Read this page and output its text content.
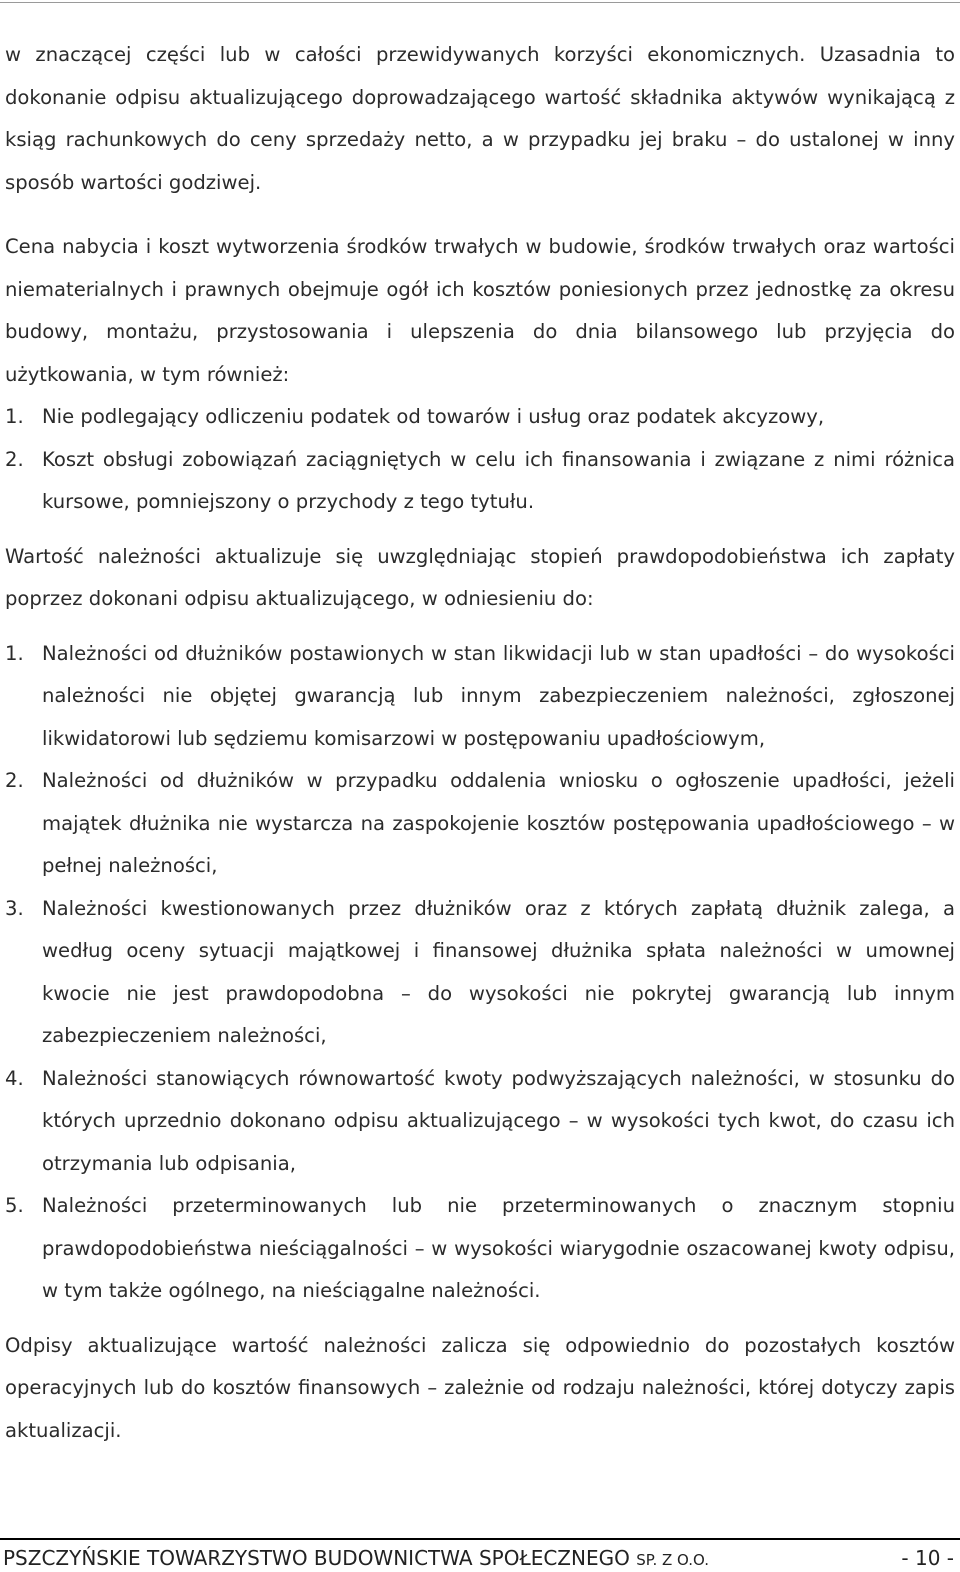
w znaczącej części lub w całości przewidywanych korzyści ekonomicznych. Uzasadnia to dokonanie odpisu aktualizującego doprowadzającego wartość składnika aktywów wynikającą z ksiąg rachunkowych do ceny sprzedaży netto, a w przypadku jej braku – do ustalonej w inny sposób wartości godziwej.

Cena nabycia i koszt wytworzenia środków trwałych w budowie, środków trwałych oraz wartości niematerialnych i prawnych obejmuje ogół ich kosztów poniesionych przez jednostkę za okresu budowy, montażu, przystosowania i ulepszenia do dnia bilansowego lub przyjęcia do użytkowania, w tym również:

1. Nie podlegający odliczeniu podatek od towarów i usług oraz podatek akcyzowy,
2. Koszt obsługi zobowiązań zaciągniętych w celu ich finansowania i związane z nimi różnica kursowe, pomniejszony o przychody z tego tytułu.

Wartość należności aktualizuje się uwzględniając stopień prawdopodobieństwa ich zapłaty poprzez dokonani odpisu aktualizującego, w odniesieniu do:

1. Należności od dłużników postawionych w stan likwidacji lub w stan upadłości – do wysokości należności nie objętej gwarancją lub innym zabezpieczeniem należności, zgłoszonej likwidatorowi lub sędziemu komisarzowi w postępowaniu upadłościowym,
2. Należności od dłużników w przypadku oddalenia wniosku o ogłoszenie upadłości, jeżeli majątek dłużnika nie wystarcza na zaspokojenie kosztów postępowania upadłościowego – w pełnej należności,
3. Należności kwestionowanych przez dłużników oraz z których zapłatą dłużnik zalega, a według oceny sytuacji majątkowej i finansowej dłużnika spłata należności w umownej kwocie nie jest prawdopodobna – do wysokości nie pokrytej gwarancją lub innym zabezpieczeniem należności,
4. Należności stanowiących równowartość kwoty podwyższających należności, w stosunku do których uprzednio dokonano odpisu aktualizującego – w wysokości tych kwot, do czasu ich otrzymania lub odpisania,
5. Należności przeterminowanych lub nie przeterminowanych o znacznym stopniu prawdopodobieństwa nieściągalności – w wysokości wiarygodnie oszacowanej kwoty odpisu, w tym także ogólnego, na nieściągalne należności.

Odpisy aktualizujące wartość należności zalicza się odpowiednio do pozostałych kosztów operacyjnych lub do kosztów finansowych – zależnie od rodzaju należności, której dotyczy zapis aktualizacji.

PSZCZYŃSKIE TOWARZYSTWO BUDOWNICTWA SPOŁECZNEGO SP. Z O.O.	- 10 -
